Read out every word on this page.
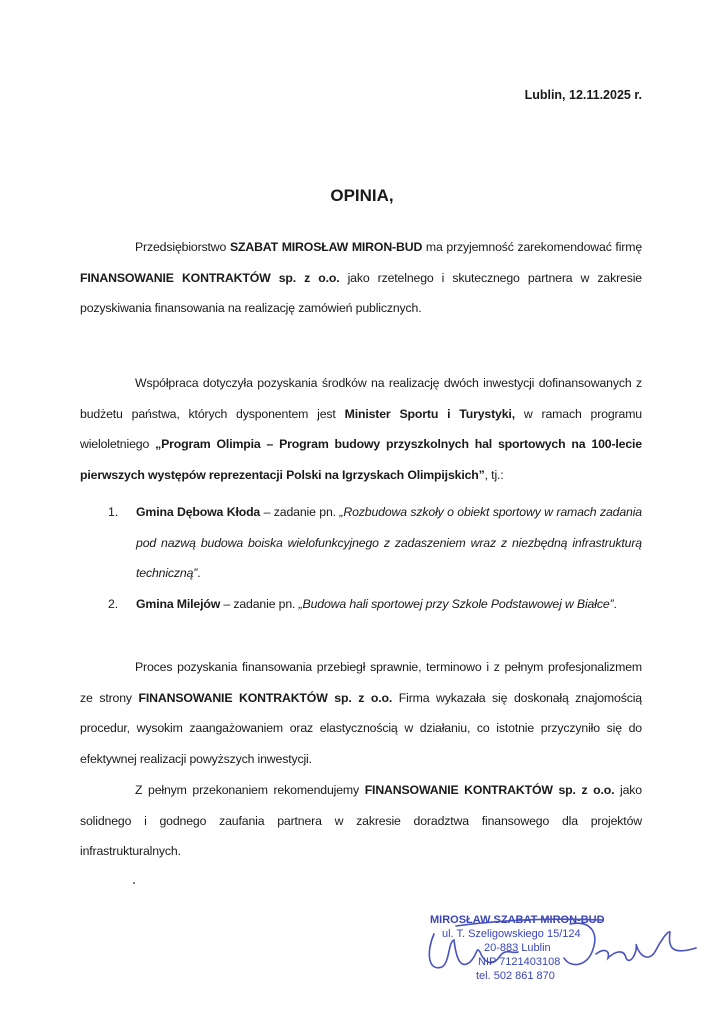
Lublin, 12.11.2025 r.
OPINIA,
Przedsiębiorstwo SZABAT MIROSŁAW MIRON-BUD ma przyjemność zarekomendować firmę FINANSOWANIE KONTRAKTÓW sp. z o.o. jako rzetelnego i skutecznego partnera w zakresie pozyskiwania finansowania na realizację zamówień publicznych.
Współpraca dotyczyła pozyskania środków na realizację dwóch inwestycji dofinansowanych z budżetu państwa, których dysponentem jest Minister Sportu i Turystyki, w ramach programu wieloletniego „Program Olimpia – Program budowy przyszkolnych hal sportowych na 100-lecie pierwszych występów reprezentacji Polski na Igrzyskach Olimpijskich”, tj.:
1. Gmina Dębowa Kłoda – zadanie pn. „Rozbudowa szkoły o obiekt sportowy w ramach zadania pod nazwą budowa boiska wielofunkcyjnego z zadaszeniem wraz z niezbędną infrastrukturą techniczną”.
2. Gmina Milejów – zadanie pn. „Budowa hali sportowej przy Szkole Podstawowej w Białce”.
Proces pozyskania finansowania przebiegł sprawnie, terminowo i z pełnym profesjonalizmem ze strony FINANSOWANIE KONTRAKTÓW sp. z o.o. Firma wykazała się doskonałą znajomością procedur, wysokim zaangażowaniem oraz elastycznością w działaniu, co istotnie przyczyniło się do efektywnej realizacji powyższych inwestycji.
Z pełnym przekonaniem rekomendujemy FINANSOWANIE KONTRAKTÓW sp. z o.o. jako solidnego i godnego zaufania partnera w zakresie doradztwa finansowego dla projektów infrastrukturalnych.
MIROSŁAW SZABAT MIRON-BUD
ul. T. Szeligowskiego 15/124
20-883 Lublin
NIP 7121403108
tel. 502 861 870
